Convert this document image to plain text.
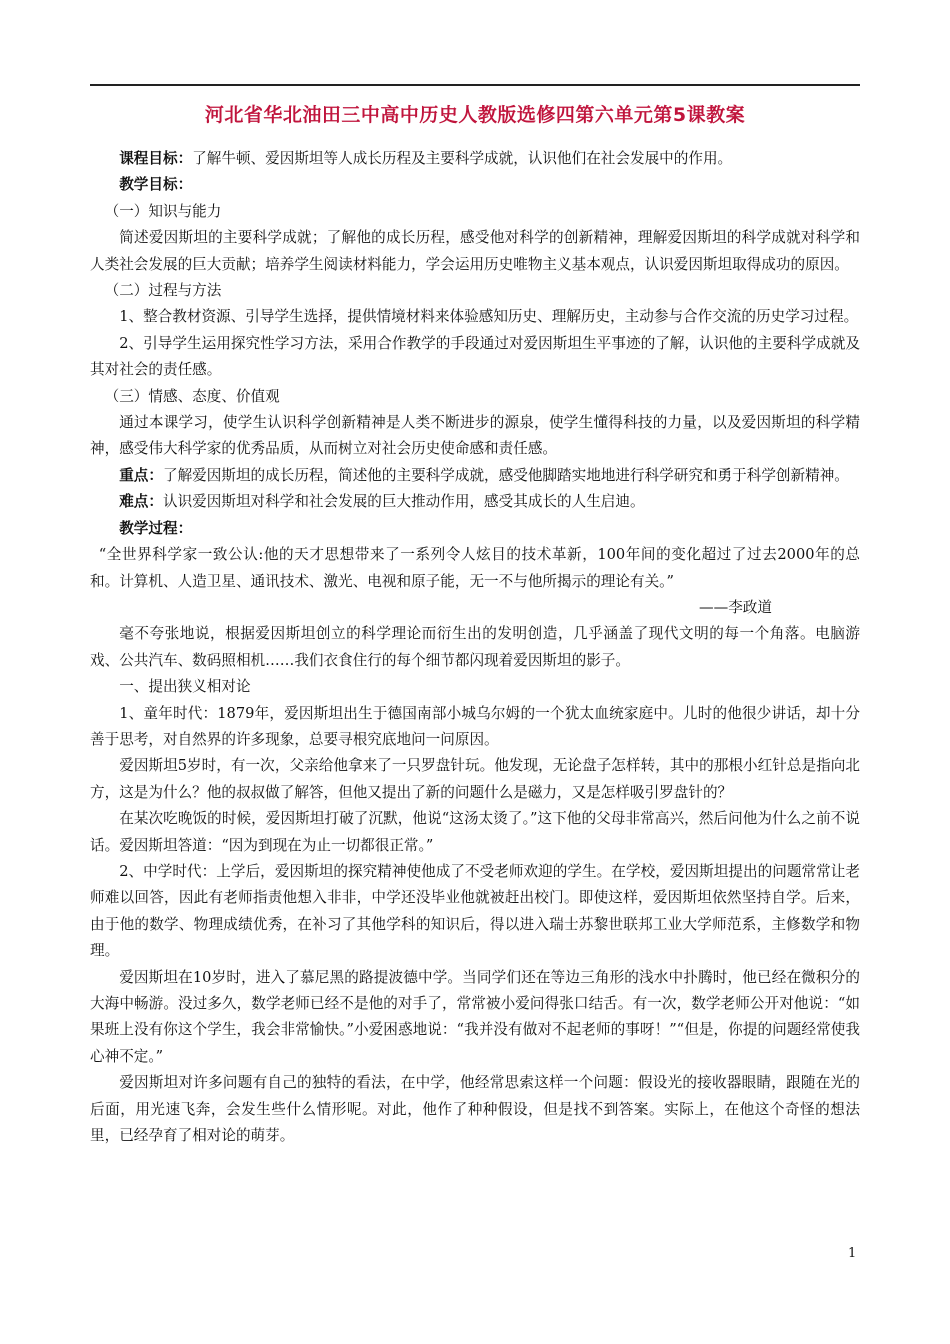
河北省华北油田三中高中历史人教版选修四第六单元第5课教案

课程目标：了解牛顿、爱因斯坦等人成长历程及主要科学成就，认识他们在社会发展中的作用。

教学目标：

（一）知识与能力

简述爱因斯坦的主要科学成就；了解他的成长历程，感受他对科学的创新精神，理解爱因斯坦的科学成就对科学和人类社会发展的巨大贡献；培养学生阅读材料能力，学会运用历史唯物主义基本观点，认识爱因斯坦取得成功的原因。

（二）过程与方法

1、整合教材资源、引导学生选择，提供情境材料来体验感知历史、理解历史，主动参与合作交流的历史学习过程。

2、引导学生运用探究性学习方法，采用合作教学的手段通过对爱因斯坦生平事迹的了解，认识他的主要科学成就及其对社会的责任感。

（三）情感、态度、价值观

通过本课学习，使学生认识科学创新精神是人类不断进步的源泉，使学生懂得科技的力量，以及爱因斯坦的科学精神，感受伟大科学家的优秀品质，从而树立对社会历史使命感和责任感。

重点：了解爱因斯坦的成长历程，简述他的主要科学成就，感受他脚踏实地地进行科学研究和勇于科学创新精神。

难点：认识爱因斯坦对科学和社会发展的巨大推动作用，感受其成长的人生启迪。

教学过程：

“全世界科学家一致公认:他的天才思想带来了一系列令人炫目的技术革新，100年间的变化超过了过去2000年的总和。计算机、人造卫星、通讯技术、激光、电视和原子能，无一不与他所揭示的理论有关。”

——李政道

毫不夸张地说，根据爱因斯坦创立的科学理论而衍生出的发明创造，几乎涵盖了现代文明的每一个角落。电脑游戏、公共汽车、数码照相机……我们衣食住行的每个细节都闪现着爱因斯坦的影子。

一、提出狭义相对论

1、童年时代：1879年，爱因斯坦出生于德国南部小城乌尔姆的一个犹太血统家庭中。儿时的他很少讲话，却十分善于思考，对自然界的许多现象，总要寻根究底地问一问原因。

爱因斯坦5岁时，有一次，父亲给他拿来了一只罗盘针玩。他发现，无论盘子怎样转，其中的那根小红针总是指向北方，这是为什么？他的叔叔做了解答，但他又提出了新的问题什么是磁力，又是怎样吸引罗盘针的？

在某次吃晚饭的时候，爱因斯坦打破了沉默，他说“这汤太烫了。”这下他的父母非常高兴，然后问他为什么之前不说话。爱因斯坦答道：“因为到现在为止一切都很正常。”

2、中学时代：上学后，爱因斯坦的探究精神使他成了不受老师欢迎的学生。在学校，爱因斯坦提出的问题常常让老师难以回答，因此有老师指责他想入非非，中学还没毕业他就被赶出校门。即使这样，爱因斯坦依然坚持自学。后来，由于他的数学、物理成绩优秀，在补习了其他学科的知识后，得以进入瑞士苏黎世联邦工业大学师范系，主修数学和物理。

爱因斯坦在10岁时，进入了慕尼黑的路提波德中学。当同学们还在等边三角形的浅水中扑腾时，他已经在微积分的大海中畅游。没过多久，数学老师已经不是他的对手了，常常被小爱问得张口结舌。有一次，数学老师公开对他说：“如果班上没有你这个学生，我会非常愉快。”小爱困惑地说：“我并没有做对不起老师的事呀！”“但是，你提的问题经常使我心神不定。”

爱因斯坦对许多问题有自己的独特的看法，在中学，他经常思索这样一个问题：假设光的接收器眼睛，跟随在光的后面，用光速飞奔，会发生些什么情形呢。对此，他作了种种假设，但是找不到答案。实际上，在他这个奇怪的想法里，已经孕育了相对论的萌芽。

1
